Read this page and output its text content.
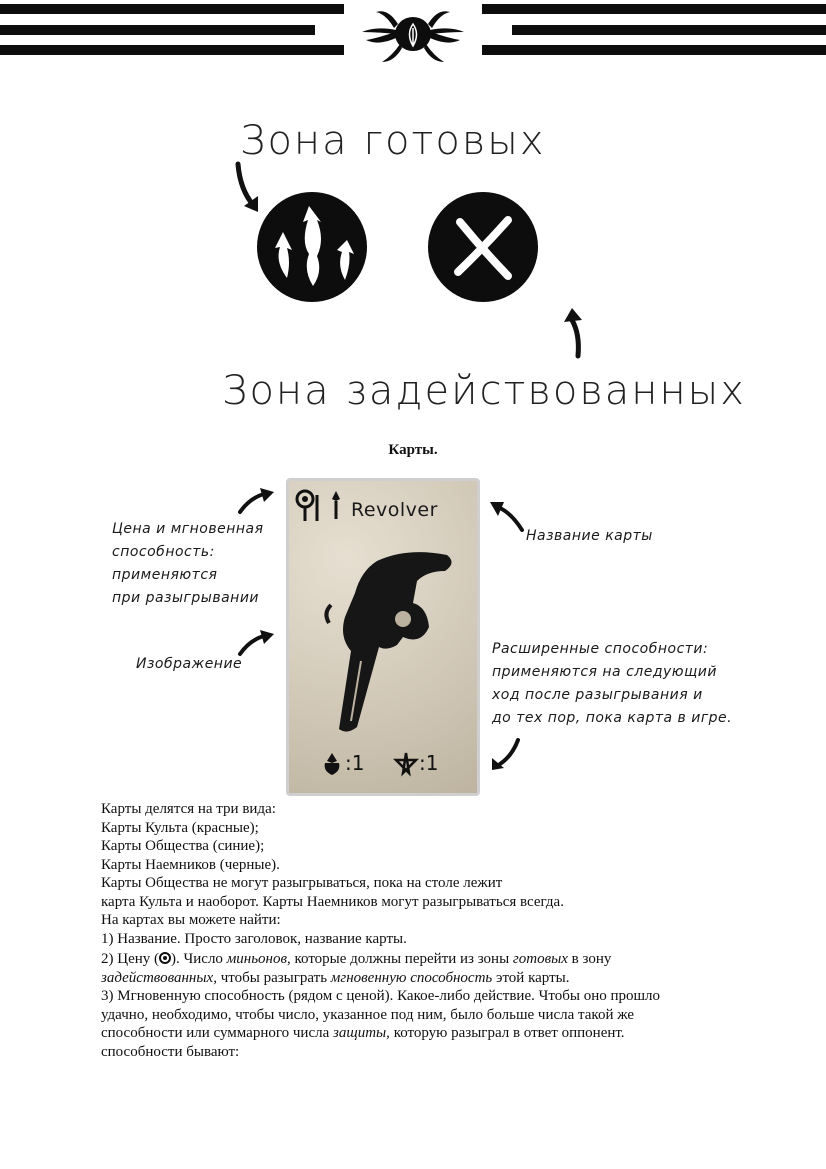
Зона готовых
Зона задействованных
Карты.
Revolver
:1	:1
Цена и мгновенная
способность:
применяются
при разыгрывании
Изображение
Название карты
Расширенные способности:
применяются на следующий
ход после разыгрывания и
до тех пор, пока карта в игре.

Карты делятся на три вида:

Карты Культа (красные);

Карты Общества (синие);

Карты Наемников (черные).

Карты Общества не могут разыгрываться, пока на столе лежит

карта Культа и наоборот. Карты Наемников могут разыгрываться всегда.

На картах вы можете найти:

1) Название. Просто заголовок, название карты.

2) Цену ( ). Число миньонов, которые должны перейти из зоны готовых в зону
задействованных, чтобы разыграть мгновенную способность этой карты.

3) Мгновенную способность (рядом с ценой). Какое-либо действие. Чтобы оно прошло

удачно, необходимо, чтобы число, указанное под ним, было больше числа такой же

способности или суммарного числа защиты, которую разыграл в ответ оппонент.

способности бывают:
